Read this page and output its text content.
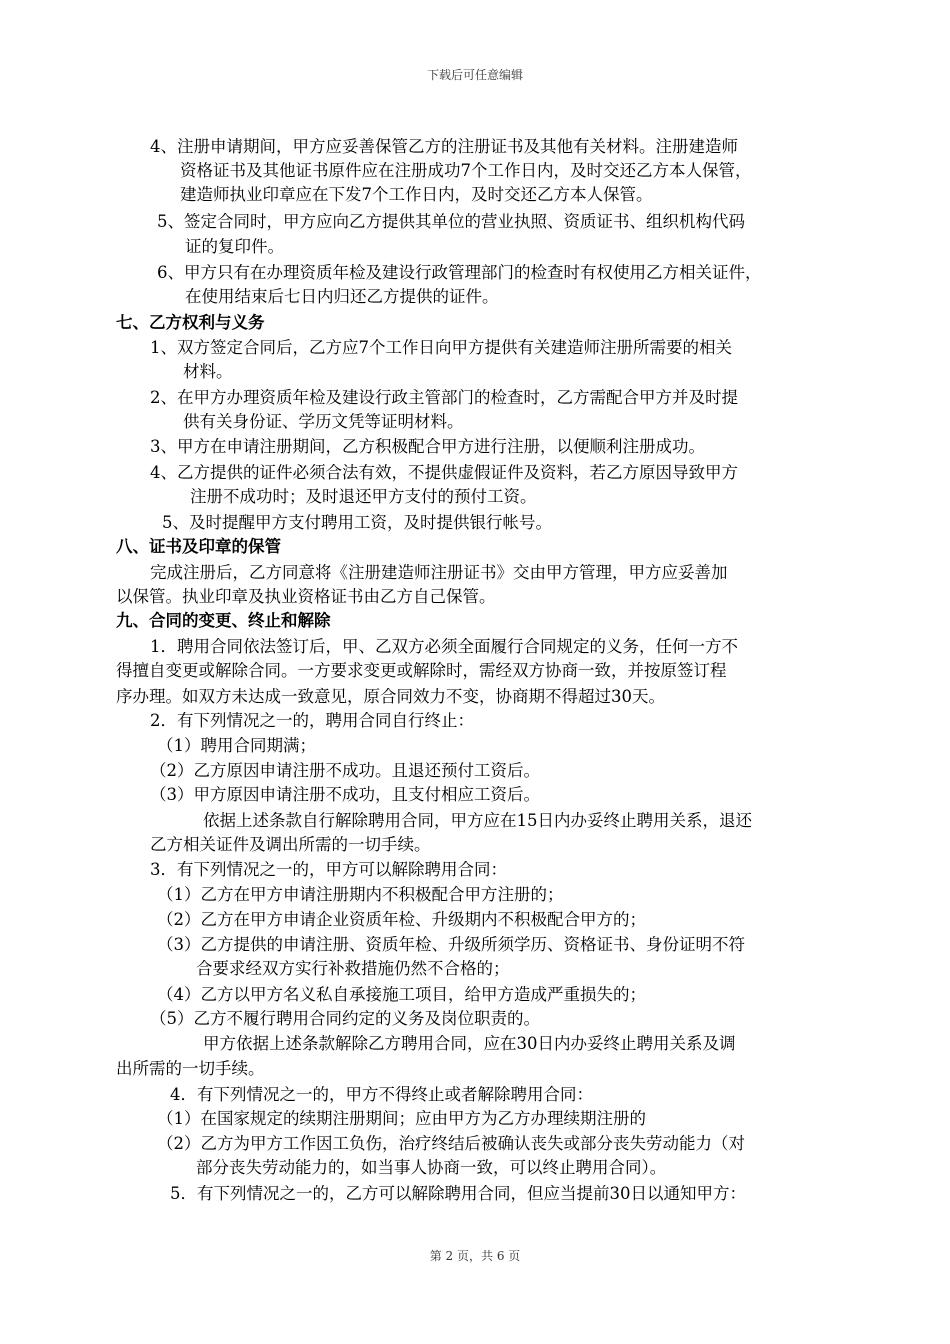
下载后可任意编辑
4、注册申请期间，甲方应妥善保管乙方的注册证书及其他有关材料。注册建造师
资格证书及其他证书原件应在注册成功7个工作日内，及时交还乙方本人保管，
建造师执业印章应在下发7个工作日内，及时交还乙方本人保管。
5、签定合同时，甲方应向乙方提供其单位的营业执照、资质证书、组织机构代码
证的复印件。
6、甲方只有在办理资质年检及建设行政管理部门的检查时有权使用乙方相关证件，
在使用结束后七日内归还乙方提供的证件。
七、乙方权利与义务
1、双方签定合同后，乙方应7个工作日向甲方提供有关建造师注册所需要的相关
材料。
2、在甲方办理资质年检及建设行政主管部门的检查时，乙方需配合甲方并及时提
供有关身份证、学历文凭等证明材料。
3、甲方在申请注册期间，乙方积极配合甲方进行注册，以便顺利注册成功。
4、乙方提供的证件必须合法有效，不提供虚假证件及资料，若乙方原因导致甲方
注册不成功时；及时退还甲方支付的预付工资。
5、及时提醒甲方支付聘用工资，及时提供银行帐号。
八、证书及印章的保管
完成注册后，乙方同意将《注册建造师注册证书》交由甲方管理，甲方应妥善加
以保管。执业印章及执业资格证书由乙方自己保管。
九、合同的变更、终止和解除
1．聘用合同依法签订后，甲、乙双方必须全面履行合同规定的义务，任何一方不
得擅自变更或解除合同。一方要求变更或解除时，需经双方协商一致，并按原签订程
序办理。如双方未达成一致意见，原合同效力不变，协商期不得超过30天。
2．有下列情况之一的，聘用合同自行终止：
（1）聘用合同期满；
（2）乙方原因申请注册不成功。且退还预付工资后。
（3）甲方原因申请注册不成功，且支付相应工资后。
依据上述条款自行解除聘用合同，甲方应在15日内办妥终止聘用关系，退还
乙方相关证件及调出所需的一切手续。
3．有下列情况之一的，甲方可以解除聘用合同：
（1）乙方在甲方申请注册期内不积极配合甲方注册的；
（2）乙方在甲方申请企业资质年检、升级期内不积极配合甲方的；
（3）乙方提供的申请注册、资质年检、升级所须学历、资格证书、身份证明不符
合要求经双方实行补救措施仍然不合格的；
（4）乙方以甲方名义私自承接施工项目，给甲方造成严重损失的；
（5）乙方不履行聘用合同约定的义务及岗位职责的。
甲方依据上述条款解除乙方聘用合同，应在30日内办妥终止聘用关系及调
出所需的一切手续。
4．有下列情况之一的，甲方不得终止或者解除聘用合同：
（1）在国家规定的续期注册期间；应由甲方为乙方办理续期注册的
（2）乙方为甲方工作因工负伤，治疗终结后被确认丧失或部分丧失劳动能力（对
部分丧失劳动能力的，如当事人协商一致，可以终止聘用合同）。
5．有下列情况之一的，乙方可以解除聘用合同，但应当提前30日以通知甲方：
第 2 页，共 6 页
